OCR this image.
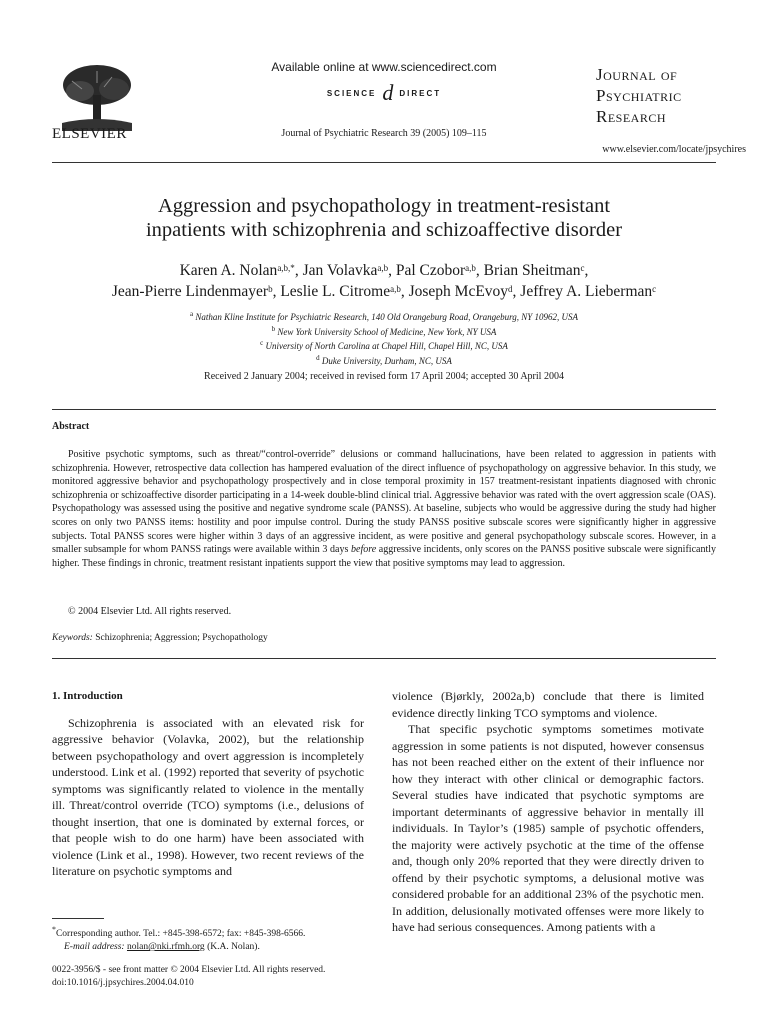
ELSEVIER
Available online at www.sciencedirect.com
SCIENCE d DIRECT
Journal of Psychiatric Research 39 (2005) 109–115
Journal of
Psychiatric
Research
www.elsevier.com/locate/jpsychires
Aggression and psychopathology in treatment-resistant
inpatients with schizophrenia and schizoaffective disorder
Karen A. Nolan$^{a,b,*}$, Jan Volavka$^{a,b}$, Pal Czobor$^{a,b}$, Brian Sheitman$^c$,
Jean-Pierre Lindenmayer$^b$, Leslie L. Citrome$^{a,b}$, Joseph McEvoy$^d$, Jeffrey A. Lieberman$^c$
$^a$ Nathan Kline Institute for Psychiatric Research, 140 Old Orangeburg Road, Orangeburg, NY 10962, USA
$^b$ New York University School of Medicine, New York, NY USA
$^c$ University of North Carolina at Chapel Hill, Chapel Hill, NC, USA
$^d$ Duke University, Durham, NC, USA
Received 2 January 2004; received in revised form 17 April 2004; accepted 30 April 2004
Abstract
Positive psychotic symptoms, such as threat/“control-override” delusions or command hallucinations, have been related to aggression in patients with schizophrenia. However, retrospective data collection has hampered evaluation of the direct influence of psychopathology on aggressive behavior. In this study, we monitored aggressive behavior and psychopathology prospectively and in close temporal proximity in 157 treatment-resistant inpatients diagnosed with chronic schizophrenia or schizoaffective disorder participating in a 14-week double-blind clinical trial. Aggressive behavior was rated with the overt aggression scale (OAS). Psychopathology was assessed using the positive and negative syndrome scale (PANSS). At baseline, subjects who would be aggressive during the study had higher scores on only two PANSS items: hostility and poor impulse control. During the study PANSS positive subscale scores were significantly higher in aggressive subjects. Total PANSS scores were higher within 3 days of an aggressive incident, as were positive and general psychopathology subscale scores. However, in a smaller subsample for whom PANSS ratings were available within 3 days before aggressive incidents, only scores on the PANSS positive subscale were significantly higher. These findings in chronic, treatment resistant inpatients support the view that positive symptoms may lead to aggression.
© 2004 Elsevier Ltd. All rights reserved.
Keywords: Schizophrenia; Aggression; Psychopathology
1. Introduction

Schizophrenia is associated with an elevated risk for aggressive behavior (Volavka, 2002), but the relationship between psychopathology and overt aggression is incompletely understood. Link et al. (1992) reported that severity of psychotic symptoms was significantly related to violence in the mentally ill. Threat/control override (TCO) symptoms (i.e., delusions of thought insertion, that one is dominated by external forces, or that people wish to do one harm) have been associated with violence (Link et al., 1998). However, two recent reviews of the literature on psychotic symptoms and

violence (Bjørkly, 2002a,b) conclude that there is limited evidence directly linking TCO symptoms and violence.

That specific psychotic symptoms sometimes motivate aggression in some patients is not disputed, however consensus has not been reached either on the extent of their influence nor how they interact with other clinical or demographic factors. Several studies have indicated that psychotic symptoms are important determinants of aggressive behavior in mentally ill individuals. In Taylor’s (1985) sample of psychotic offenders, the majority were actively psychotic at the time of the offense and, though only 20% reported that they were directly driven to offend by their psychotic symptoms, a delusional motive was considered probable for an additional 23% of the psychotic men. In addition, delusionally motivated offenses were more likely to have had serious consequences. Among patients with a

*Corresponding author. Tel.: +845-398-6572; fax: +845-398-6566.
E-mail address: nolan@nki.rfmh.org (K.A. Nolan).
0022-3956/$ - see front matter © 2004 Elsevier Ltd. All rights reserved.
doi:10.1016/j.jpsychires.2004.04.010
